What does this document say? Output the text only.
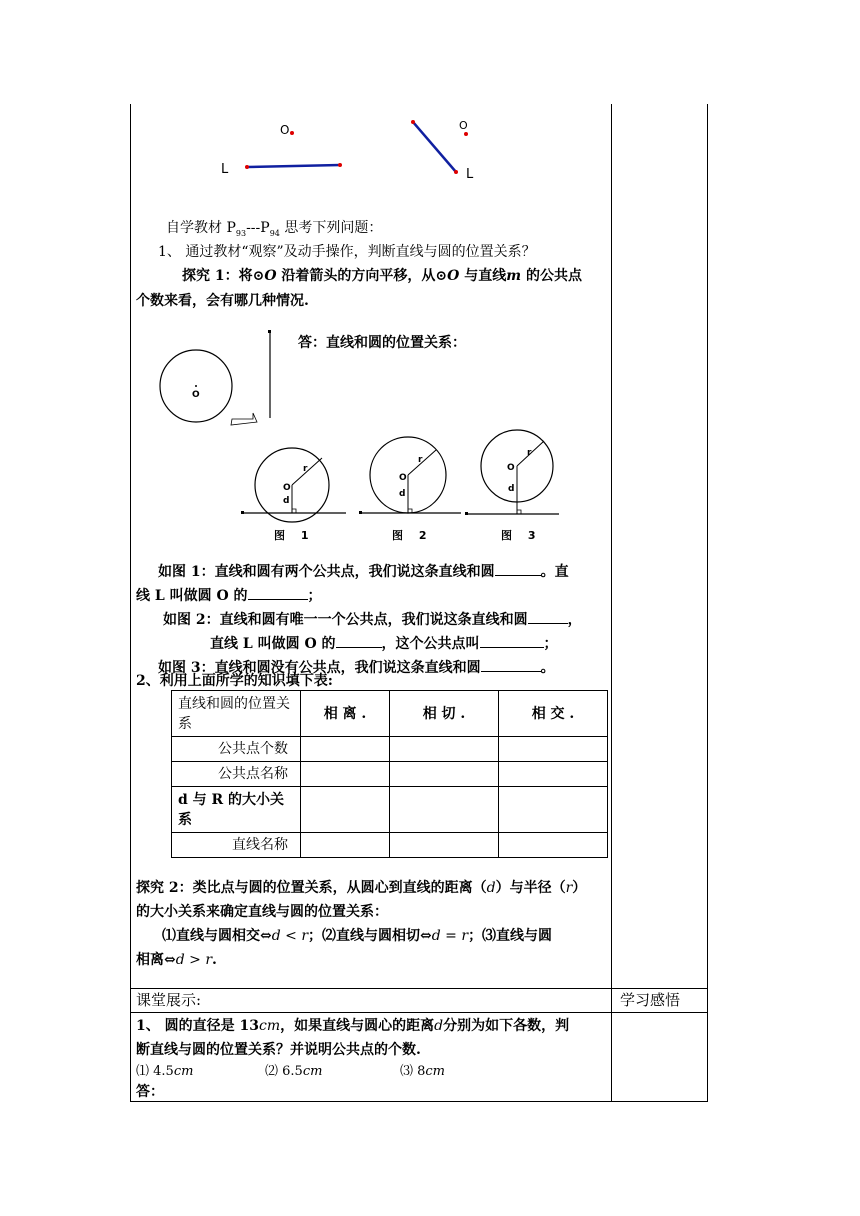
O
L
O
L
自学教材 $P_{93}---P_{94}$ 思考下列问题：
1、 通过教材“观察”及动手操作，判断直线与圆的位置关系？
探究 1：将⊙O 沿着箭头的方向平移，从⊙O 与直线m 的公共点
个数来看，会有哪几种情况.
O
答：直线和圆的位置关系：
r
O
d
图 1
r
O
d
图 2
r
O
d
图 3
如图 1：直线和圆有两个公共点，我们说这条直线和圆	。直
线 L 叫做圆 O 的	；
如图 2：直线和圆有唯一一个公共点，我们说这条直线和圆	，
直线 L 叫做圆 O 的	，这个公共点叫	；
如图 3：直线和圆没有公共点，我们说这条直线和圆	。
2、利用上面所学的知识填下表:
直线和圆的位置关系	相 离 .	相 切 .	相 交 .
公共点个数			
公共点名称			
d 与 R 的大小关系			
直线名称			
探究 2：类比点与圆的位置关系，从圆心到直线的距离（d）与半径（r）
的大小关系来确定直线与圆的位置关系：
⑴直线与圆相交⇔d < r；⑵直线与圆相切⇔d = r；⑶直线与圆
相离⇔d > r.
课堂展示:	学习感悟
1、 圆的直径是 13cm，如果直线与圆心的距离d分别为如下各数，判
断直线与圆的位置关系？并说明公共点的个数.
⑴ 4.5cm	⑵ 6.5cm	⑶ 8cm
答：
